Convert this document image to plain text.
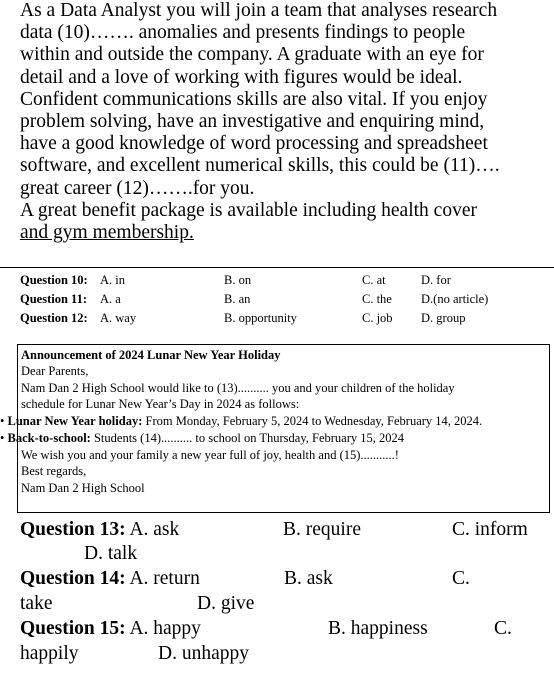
As a Data Analyst you will join a team that analyses research
data (10)……. anomalies and presents findings to people
within and outside the company. A graduate with an eye for
detail and a love of working with figures would be ideal.
Confident communications skills are also vital. If you enjoy
problem solving, have an investigative and enquiring mind,
have a good knowledge of word processing and spreadsheet
software, and excellent numerical skills, this could be (11)….
great career (12)…….for you.
A great benefit package is available including health cover
and gym membership.
Question 10: A. in	B. on	C. at	D. for
Question 11: A. a	B. an	C. the D.(no article)
Question 12: A. way	B. opportunity	C. job D. group
Announcement of 2024 Lunar New Year Holiday
Dear Parents,
Nam Dan 2 High School would like to (13).......... you and your children of the holiday
schedule for Lunar New Year’s Day in 2024 as follows:
• Lunar New Year holiday: From Monday, February 5, 2024 to Wednesday, February 14, 2024.
• Back-to-school: Students (14).......... to school on Thursday, February 15, 2024
We wish you and your family a new year full of joy, health and (15)...........!
Best regards,
Nam Dan 2 High School
Question 13: A. ask	B. require	C. inform
D. talk
Question 14: A. return	B. ask	C.
take	D. give
Question 15: A. happy	B. happiness	C.
happily	D. unhappy
